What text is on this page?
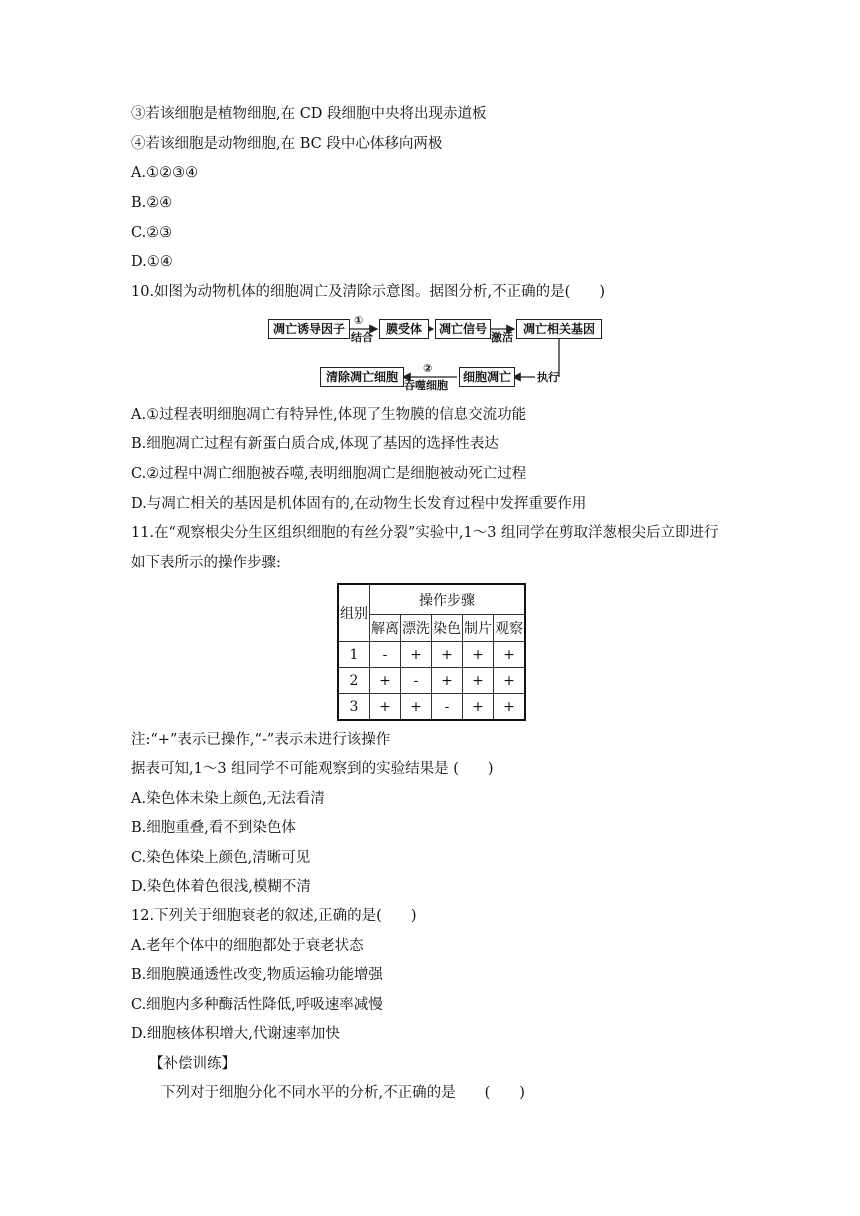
③若该细胞是植物细胞,在 CD 段细胞中央将出现赤道板
④若该细胞是动物细胞,在 BC 段中心体移向两极
A.①②③④
B.②④
C.②③
D.①④
10.如图为动物机体的细胞凋亡及清除示意图。据图分析,不正确的是(　　)
凋亡诱导因子
①
结合
膜受体	凋亡信号
激活
凋亡相关基因
执行
细胞凋亡
②
吞噬细胞
清除凋亡细胞
A.①过程表明细胞凋亡有特异性,体现了生物膜的信息交流功能
B.细胞凋亡过程有新蛋白质合成,体现了基因的选择性表达
C.②过程中凋亡细胞被吞噬,表明细胞凋亡是细胞被动死亡过程
D.与凋亡相关的基因是机体固有的,在动物生长发育过程中发挥重要作用
11.在“观察根尖分生区组织细胞的有丝分裂”实验中,1～3 组同学在剪取洋葱根尖后立即进行
如下表所示的操作步骤:
组别	操作步骤				
	解离	漂洗	染色	制片	观察
1	-	+	+	+	+
2	+	-	+	+	+
3	+	+	-	+	+
注:“+”表示已操作,“-”表示未进行该操作
据表可知,1～3 组同学不可能观察到的实验结果是 (　　)
A.染色体未染上颜色,无法看清
B.细胞重叠,看不到染色体
C.染色体染上颜色,清晰可见
D.染色体着色很浅,模糊不清
12.下列关于细胞衰老的叙述,正确的是(　　)
A.老年个体中的细胞都处于衰老状态
B.细胞膜通透性改变,物质运输功能增强
C.细胞内多种酶活性降低,呼吸速率减慢
D.细胞核体积增大,代谢速率加快
【补偿训练】
下列对于细胞分化不同水平的分析,不正确的是　　(　　)
